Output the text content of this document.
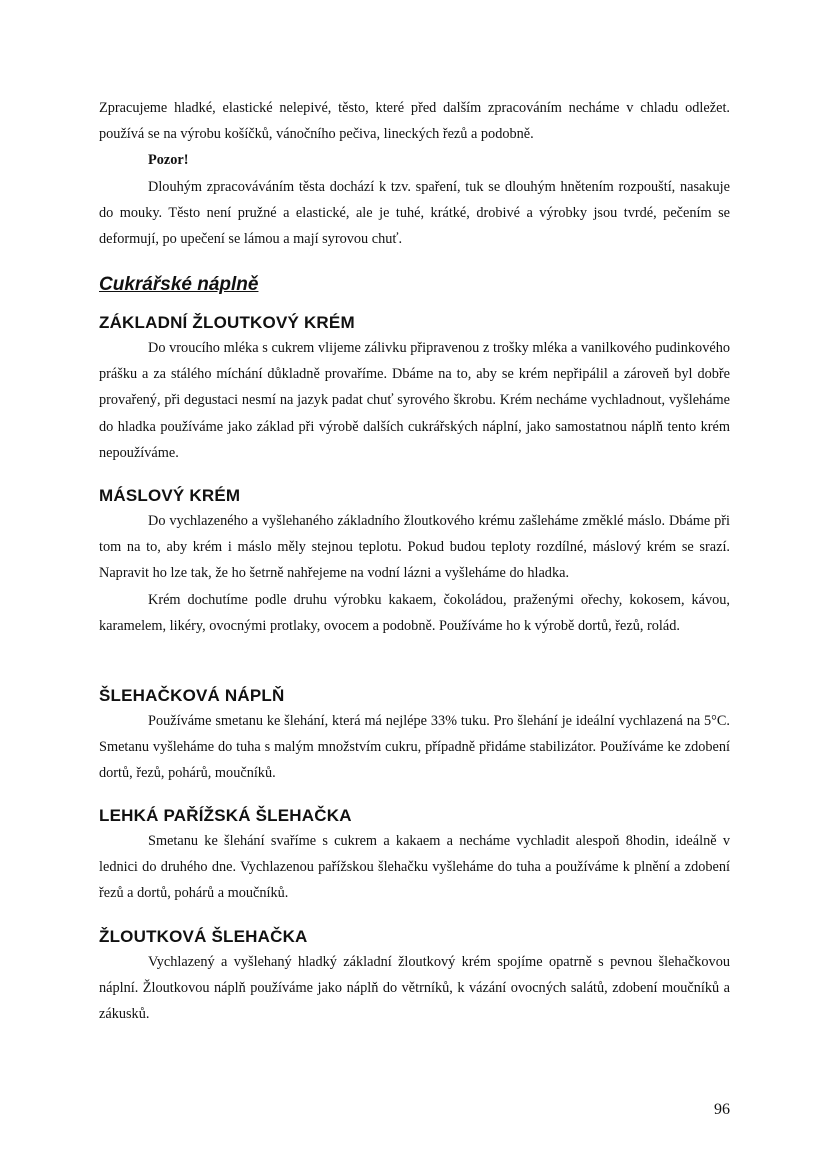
Zpracujeme hladké, elastické nelepivé, těsto, které před dalším zpracováním necháme v chladu odležet. používá se na výrobu košíčků, vánočního pečiva, lineckých řezů a podobně.

Pozor!

Dlouhým zpracováváním těsta dochází k tzv. spaření, tuk se dlouhým hnětením rozpouští, nasakuje do mouky. Těsto není pružné a elastické, ale je tuhé, krátké, drobivé a výrobky jsou tvrdé, pečením se deformují, po upečení se lámou a mají syrovou chuť.

Cukrářské náplně
ZÁKLADNÍ ŽLOUTKOVÝ KRÉM

Do vroucího mléka s cukrem vlijeme zálivku připravenou z trošky mléka a vanilkového pudinkového prášku a za stálého míchání důkladně provaříme. Dbáme na to, aby se krém nepřipálil a zároveň byl dobře provařený, při degustaci nesmí na jazyk padat chuť syrového škrobu. Krém necháme vychladnout, vyšleháme do hladka používáme jako základ při výrobě dalších cukrářských náplní, jako samostatnou náplň tento krém nepoužíváme.

MÁSLOVÝ KRÉM

Do vychlazeného a vyšlehaného základního žloutkového krému zašleháme změklé máslo. Dbáme při tom na to, aby krém i máslo měly stejnou teplotu. Pokud budou teploty rozdílné, máslový krém se srazí. Napravit ho lze tak, že ho šetrně nahřejeme na vodní lázni a vyšleháme do hladka.

Krém dochutíme podle druhu výrobku kakaem, čokoládou, praženými ořechy, kokosem, kávou, karamelem, likéry, ovocnými protlaky, ovocem a podobně. Používáme ho k výrobě dortů, řezů, rolád.

ŠLEHAČKOVÁ NÁPLŇ

Používáme smetanu ke šlehání, která má nejlépe 33% tuku. Pro šlehání je ideální vychlazená na 5°C. Smetanu vyšleháme do tuha s malým množstvím cukru, případně přidáme stabilizátor. Používáme ke zdobení dortů, řezů, pohárů, moučníků.

LEHKÁ PAŘÍŽSKÁ ŠLEHAČKA

Smetanu ke šlehání svaříme s cukrem a kakaem a necháme vychladit alespoň 8hodin, ideálně v lednici do druhého dne. Vychlazenou pařížskou šlehačku vyšleháme do tuha a používáme k plnění a zdobení řezů a dortů, pohárů a moučníků.

ŽLOUTKOVÁ ŠLEHAČKA

Vychlazený a vyšlehaný hladký základní žloutkový krém spojíme opatrně s pevnou šlehačkovou náplní. Žloutkovou náplň používáme jako náplň do větrníků, k vázání ovocných salátů, zdobení moučníků a zákusků.

96
